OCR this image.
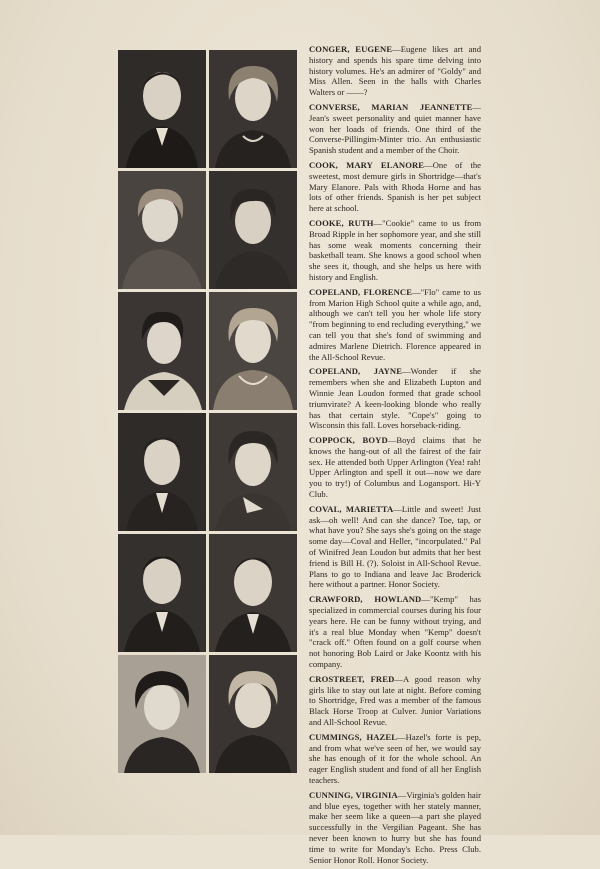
CONGER, EUGENE—Eugene likes art and history and spends his spare time delving into history volumes. He's an admirer of "Goldy" and Miss Allen. Seen in the halls with Charles Walters or ——?

CONVERSE, MARIAN JEANNETTE—Jean's sweet personality and quiet manner have won her loads of friends. One third of the Converse-Pillingim-Minter trio. An enthusiastic Spanish student and a member of the Choir.

COOK, MARY ELANORE—One of the sweetest, most demure girls in Shortridge—that's Mary Elanore. Pals with Rhoda Horne and has lots of other friends. Spanish is her pet subject here at school.

COOKE, RUTH—"Cookie" came to us from Broad Ripple in her sophomore year, and she still has some weak moments concerning their basketball team. She knows a good school when she sees it, though, and she helps us here with history and English.

COPELAND, FLORENCE—"Flo" came to us from Marion High School quite a while ago, and, although we can't tell you her whole life story "from beginning to end recluding everything," we can tell you that she's fond of swimming and admires Marlene Dietrich. Florence appeared in the All-School Revue.

COPELAND, JAYNE—Wonder if she remembers when she and Elizabeth Lupton and Winnie Jean Loudon formed that grade school triumvirate? A keen-looking blonde who really has that certain style. "Cope's" going to Wisconsin this fall. Loves horseback-riding.

COPPOCK, BOYD—Boyd claims that he knows the hang-out of all the fairest of the fair sex. He attended both Upper Arlington (Yea! rah! Upper Arlington and spell it out—now we dare you to try!) of Columbus and Logansport. Hi-Y Club.

COVAL, MARIETTA—Little and sweet! Just ask—oh well! And can she dance? Toe, tap, or what have you? She says she's going on the stage some day—Coval and Heller, "incorpulated." Pal of Winifred Jean Loudon but admits that her best friend is Bill H. (?). Soloist in All-School Revue. Plans to go to Indiana and leave Jac Broderick here without a partner. Honor Society.

CRAWFORD, HOWLAND—"Kemp" has specialized in commercial courses during his four years here. He can be funny without trying, and it's a real blue Monday when "Kemp" doesn't "crack off." Often found on a golf course when not honoring Bob Laird or Jake Koontz with his company.

CROSTREET, FRED—A good reason why girls like to stay out late at night. Before coming to Shortridge, Fred was a member of the famous Black Horse Troop at Culver. Junior Variations and All-School Revue.

CUMMINGS, HAZEL—Hazel's forte is pep, and from what we've seen of her, we would say she has enough of it for the whole school. An eager English student and fond of all her English teachers.

CUNNING, VIRGINIA—Virginia's golden hair and blue eyes, together with her stately manner, make her seem like a queen—a part she played successfully in the Vergilian Pageant. She has never been known to hurry but she has found time to write for Monday's Echo. Press Club. Senior Honor Roll. Honor Society.
